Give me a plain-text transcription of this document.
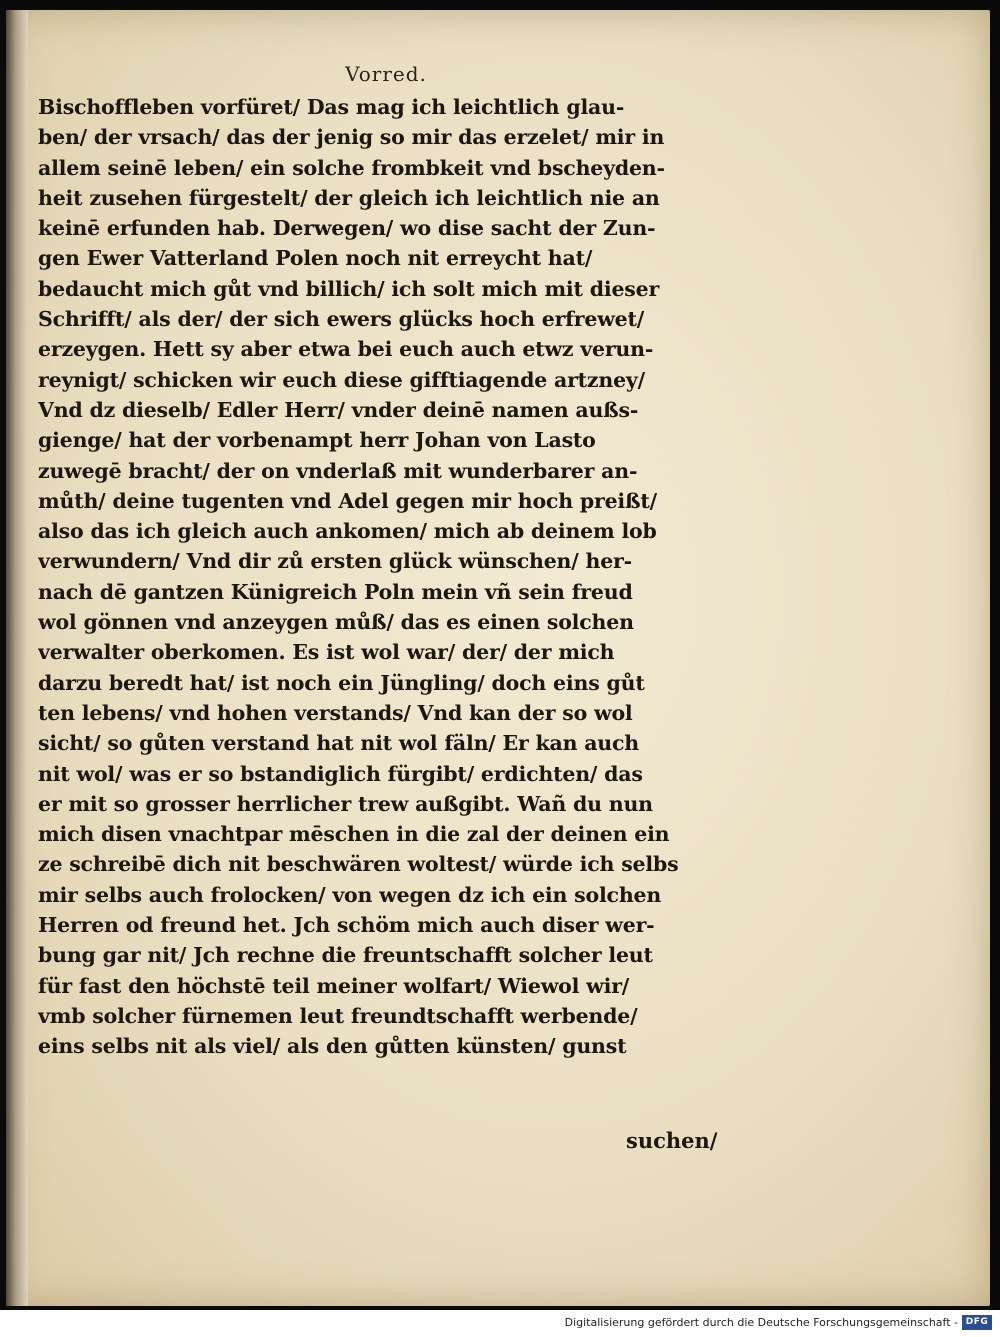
Vorred.
Bischoffleben vorfüret/ Das mag ich leichtlich glau-
ben/ der vrsach/ das der jenig so mir das erzelet/ mir in
allem seinē leben/ ein solche frombkeit vnd bscheyden-
heit zusehen fürgestelt/ der gleich ich leichtlich nie an
keinē erfunden hab. Derwegen/ wo dise sacht der Zun-
gen Ewer Vatterland Polen noch nit erreycht hat/
bedaucht mich gůt vnd billich/ ich solt mich mit dieser
Schrifft/ als der/ der sich ewers glücks hoch erfrewet/
erzeygen. Hett sy aber etwa bei euch auch etwz verun-
reynigt/ schicken wir euch diese gifftiagende artzney/
Vnd dz dieselb/ Edler Herr/ vnder deinē namen außs-
gienge/ hat der vorbenampt herr Johan von Lasto
zuwegē bracht/ der on vnderlaß mit wunderbarer an-
můth/ deine tugenten vnd Adel gegen mir hoch preißt/
also das ich gleich auch ankomen/ mich ab deinem lob
verwundern/ Vnd dir zů ersten glück wünschen/ her-
nach dē gantzen Künigreich Poln mein vñ sein freud
wol gönnen vnd anzeygen můß/ das es einen solchen
verwalter oberkomen. Es ist wol war/ der/ der mich
darzu beredt hat/ ist noch ein Jüngling/ doch eins gůt
ten lebens/ vnd hohen verstands/ Vnd kan der so wol
sicht/ so gůten verstand hat nit wol fäln/ Er kan auch
nit wol/ was er so bstandiglich fürgibt/ erdichten/ das
er mit so grosser herrlicher trew außgibt. Wañ du nun
mich disen vnachtpar mēschen in die zal der deinen ein
ze schreibē dich nit beschwären woltest/ würde ich selbs
mir selbs auch frolocken/ von wegen dz ich ein solchen
Herren od freund het. Jch schöm mich auch diser wer-
bung gar nit/ Jch rechne die freuntschafft solcher leut
für fast den höchstē teil meiner wolfart/ Wiewol wir/
vmb solcher fürnemen leut freundtschafft werbende/
eins selbs nit als viel/ als den gůtten künsten/ gunst
suchen/
Digitalisierung gefördert durch die Deutsche Forschungsgemeinschaft - DFG
